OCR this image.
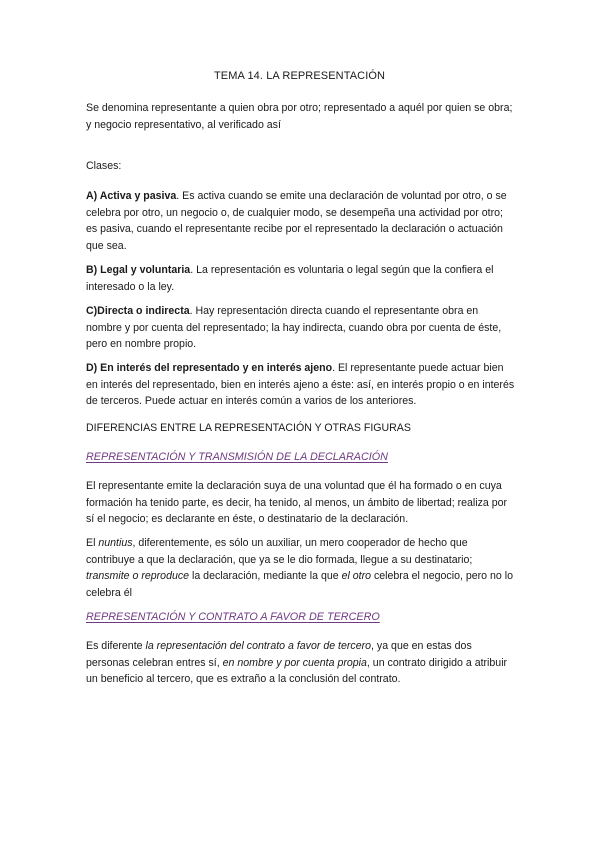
TEMA 14. LA REPRESENTACIÓN
Se denomina representante a quien obra por otro; representado a aquél por quien se obra; y negocio representativo, al verificado así
Clases:
A) Activa y pasiva. Es activa cuando se emite una declaración de voluntad por otro, o se celebra por otro, un negocio o, de cualquier modo, se desempeña una actividad por otro; es pasiva, cuando el representante recibe por el representado la declaración o actuación que sea.
B) Legal y voluntaria. La representación es voluntaria o legal según que la confiera el interesado o la ley.
C)Directa o indirecta. Hay representación directa cuando el representante obra en nombre y por cuenta del representado; la hay indirecta, cuando obra por cuenta de éste, pero en nombre propio.
D) En interés del representado y en interés ajeno. El representante puede actuar bien en interés del representado, bien en interés ajeno a éste: así, en interés propio o en interés de terceros. Puede actuar en interés común a varios de los anteriores.
DIFERENCIAS ENTRE LA REPRESENTACIÓN Y OTRAS FIGURAS
REPRESENTACIÓN Y TRANSMISIÓN DE LA DECLARACIÓN
El representante emite la declaración suya de una voluntad que él ha formado o en cuya formación ha tenido parte, es decir, ha tenido, al menos, un ámbito de libertad; realiza por sí el negocio; es declarante en éste, o destinatario de la declaración.
El nuntius, diferentemente, es sólo un auxiliar, un mero cooperador de hecho que contribuye a que la declaración, que ya se le dio formada, llegue a su destinatario; transmite o reproduce la declaración, mediante la que el otro celebra el negocio, pero no lo celebra él
REPRESENTACIÓN Y CONTRATO A FAVOR DE TERCERO
Es diferente la representación del contrato a favor de tercero, ya que en estas dos personas celebran entres sí, en nombre y por cuenta propia, un contrato dirigido a atribuir un beneficio al tercero, que es extraño a la conclusión del contrato.
